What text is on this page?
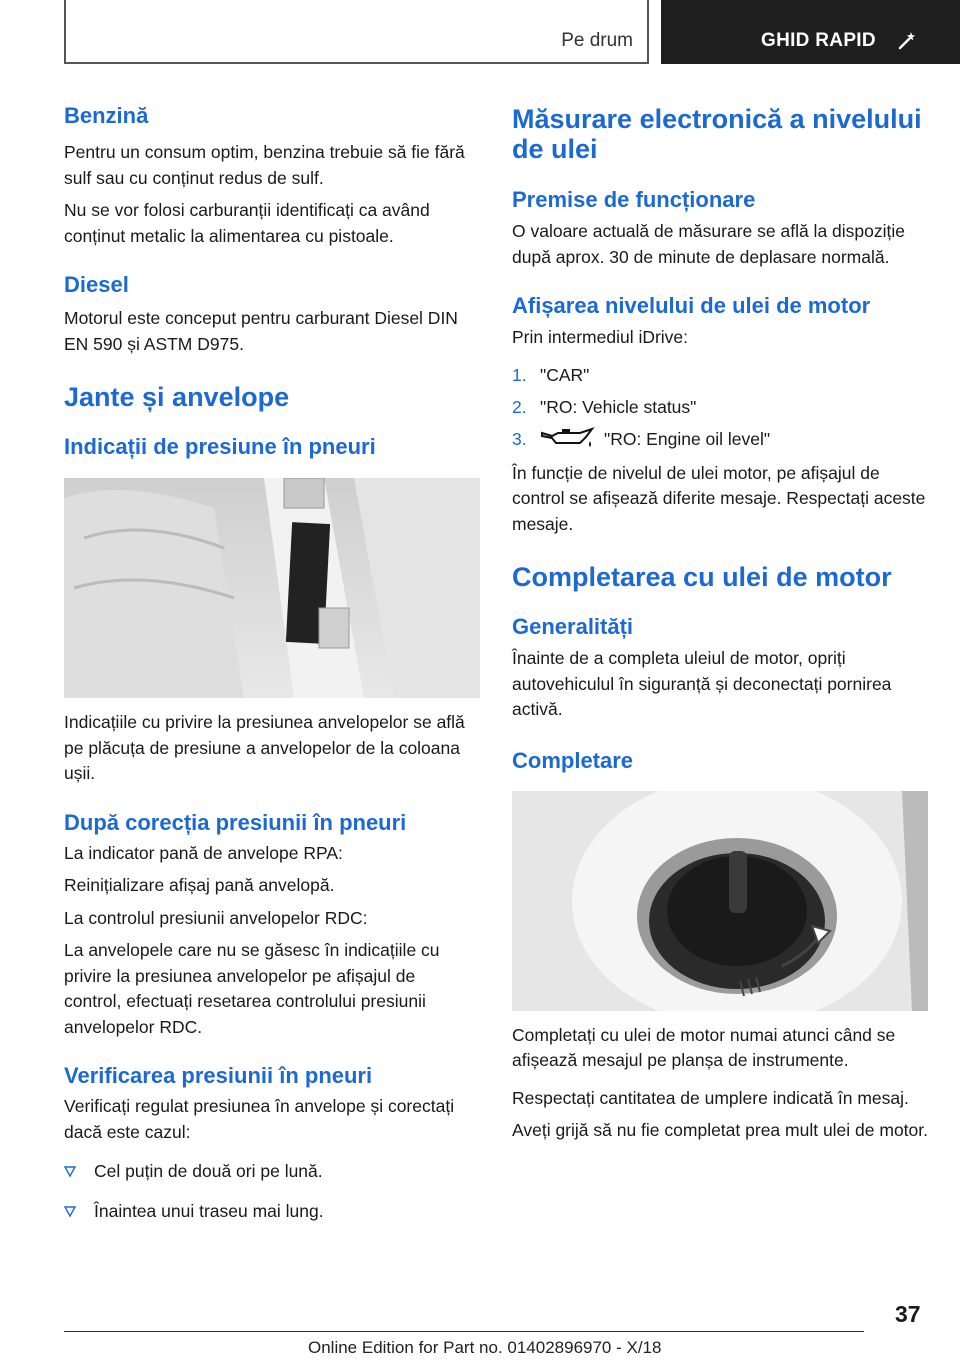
Pe drum	GHID RAPID
Benzină

Pentru un consum optim, benzina trebuie să fie fără sulf sau cu conținut redus de sulf.

Nu se vor folosi carburanții identificați ca având conținut metalic la alimentarea cu pistoale.

Diesel

Motorul este conceput pentru carburant Diesel DIN EN 590 și ASTM D975.

Jante și anvelope
Indicații de presiune în pneuri

Indicațiile cu privire la presiunea anvelopelor se află pe plăcuța de presiune a anvelopelor de la coloana ușii.

După corecția presiunii în pneuri

La indicator pană de anvelope RPA:

Reinițializare afișaj pană anvelopă.

La controlul presiunii anvelopelor RDC:

La anvelopele care nu se găsesc în indicațiile cu privire la presiunea anvelopelor pe afișajul de control, efectuați resetarea controlului presiunii anvelopelor RDC.

Verificarea presiunii în pneuri

Verificați regulat presiunea în anvelope și corectați dacă este cazul:

Cel puțin de două ori pe lună.
Înaintea unui traseu mai lung.
Măsurare electronică a nivelului de ulei
Premise de funcționare

O valoare actuală de măsurare se află la dispoziție după aprox. 30 de minute de deplasare normală.

Afișarea nivelului de ulei de motor

Prin intermediul iDrive:

1. "CAR"
2. "RO: Vehicle status"
3.	"RO: Engine oil level"

În funcție de nivelul de ulei motor, pe afișajul de control se afișează diferite mesaje. Respectați aceste mesaje.

Completarea cu ulei de motor
Generalități

Înainte de a completa uleiul de motor, opriți autovehiculul în siguranță și deconectați pornirea activă.

Completare

Completați cu ulei de motor numai atunci când se afișează mesajul pe planșa de instrumente.

Respectați cantitatea de umplere indicată în mesaj.

Aveți grijă să nu fie completat prea mult ulei de motor.

37
Online Edition for Part no. 01402896970 - X/18
